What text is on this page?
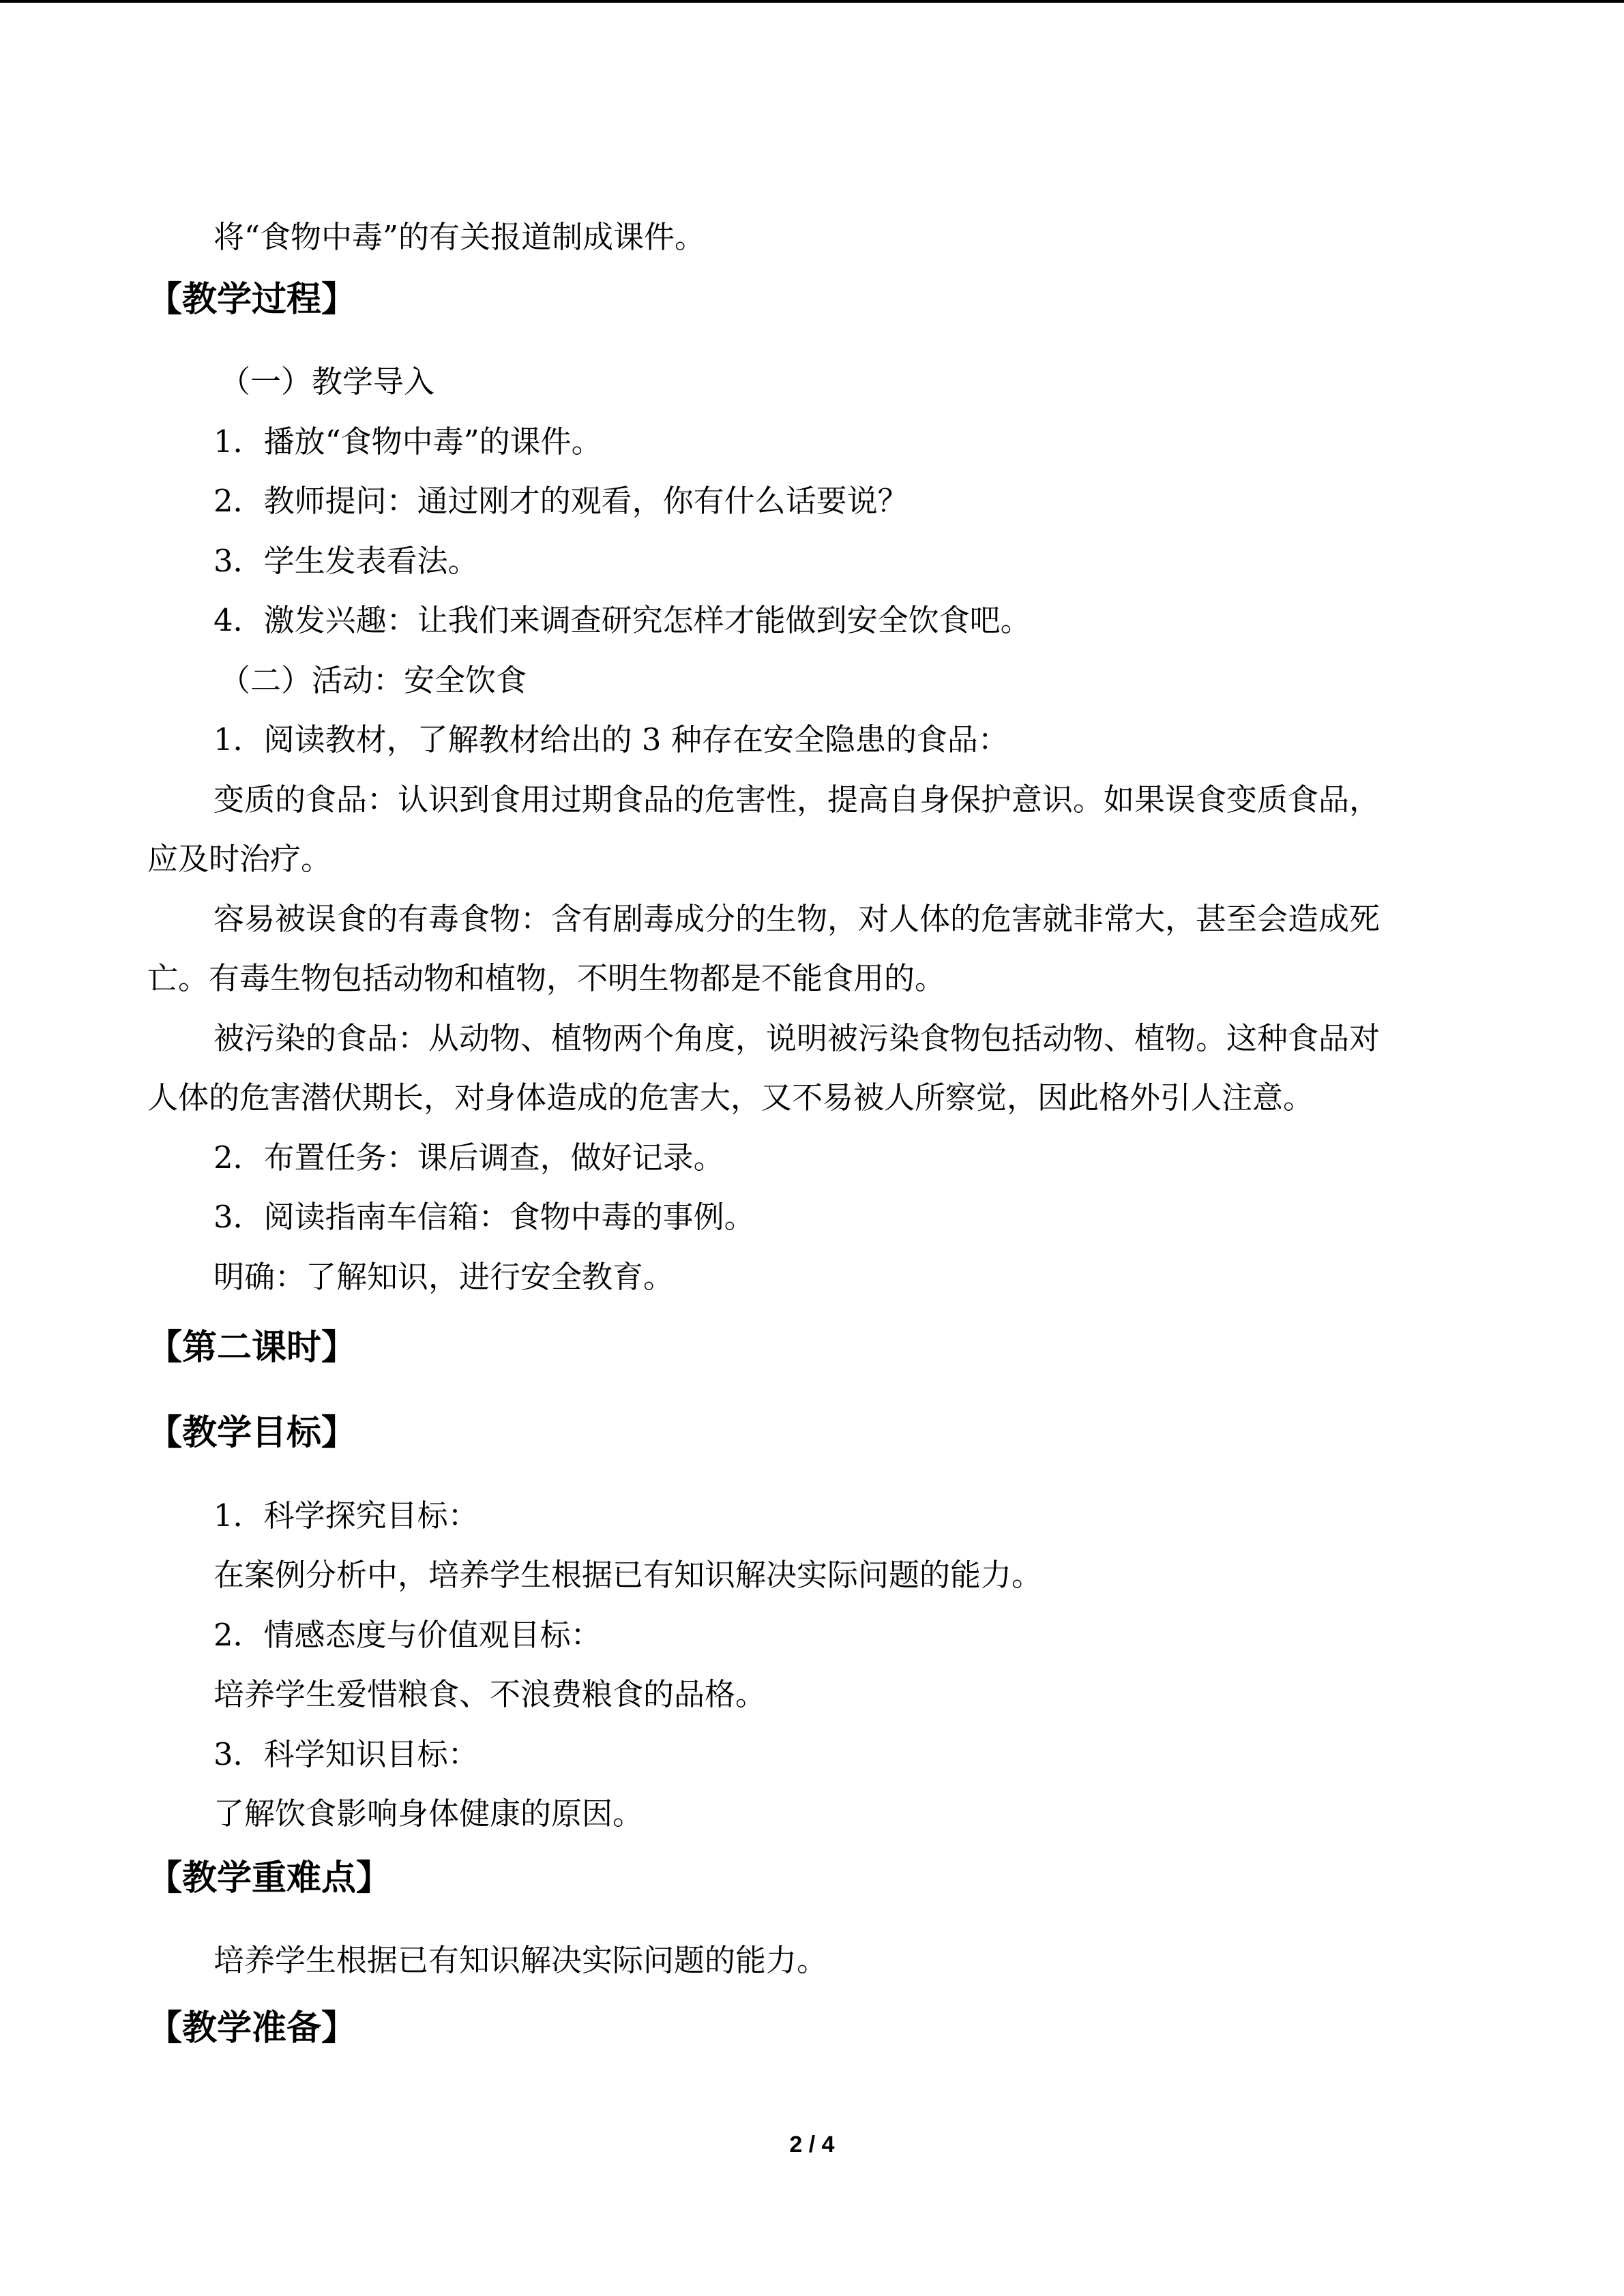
将“食物中毒”的有关报道制成课件。
【教学过程】
（一）教学导入
1．播放“食物中毒”的课件。
2．教师提问：通过刚才的观看，你有什么话要说？
3．学生发表看法。
4．激发兴趣：让我们来调查研究怎样才能做到安全饮食吧。
（二）活动：安全饮食
1．阅读教材，了解教材给出的 3 种存在安全隐患的食品：
变质的食品：认识到食用过期食品的危害性，提高自身保护意识。如果误食变质食品，
应及时治疗。
容易被误食的有毒食物：含有剧毒成分的生物，对人体的危害就非常大，甚至会造成死
亡。有毒生物包括动物和植物，不明生物都是不能食用的。
被污染的食品：从动物、植物两个角度，说明被污染食物包括动物、植物。这种食品对
人体的危害潜伏期长，对身体造成的危害大，又不易被人所察觉，因此格外引人注意。
2．布置任务：课后调查，做好记录。
3．阅读指南车信箱：食物中毒的事例。
明确：了解知识，进行安全教育。
【第二课时】
【教学目标】
1．科学探究目标：
在案例分析中，培养学生根据已有知识解决实际问题的能力。
2．情感态度与价值观目标：
培养学生爱惜粮食、不浪费粮食的品格。
3．科学知识目标：
了解饮食影响身体健康的原因。
【教学重难点】
培养学生根据已有知识解决实际问题的能力。
【教学准备】
2 / 4
